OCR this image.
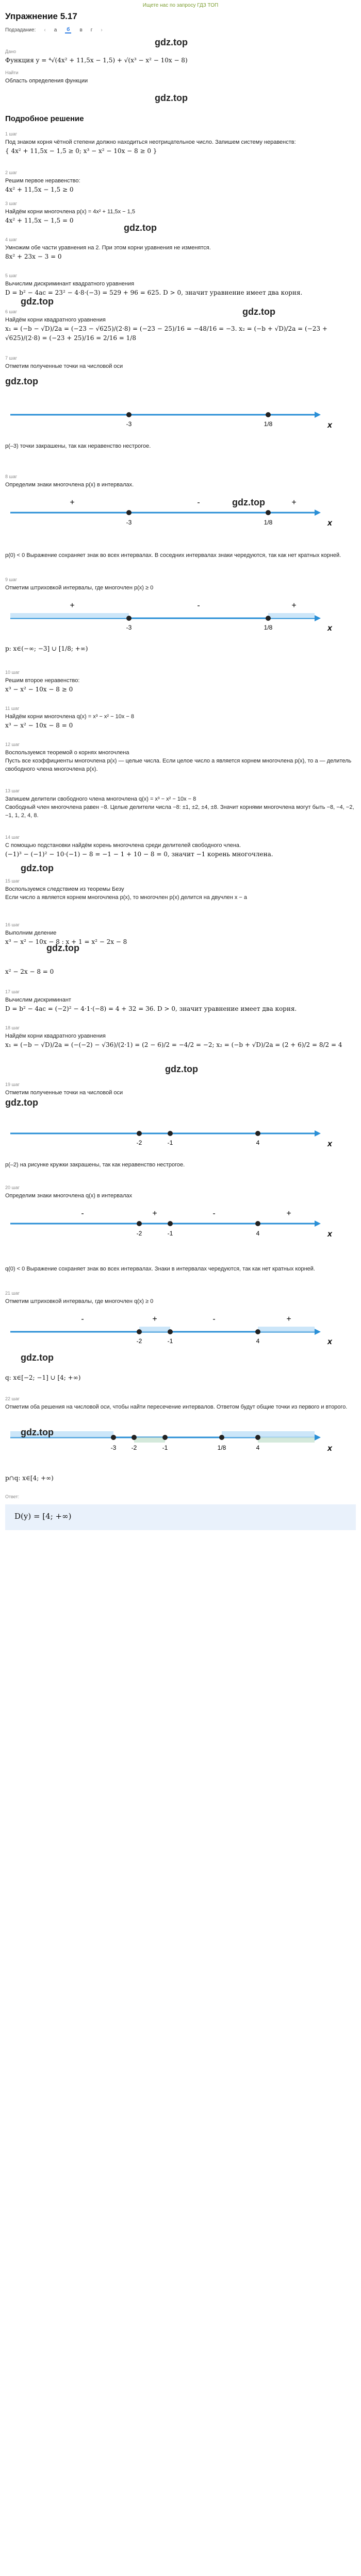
Ищете нас по запросу ГДЗ ТОП
Упражнение 5.17
Подзадание: ‹ a	б	в г ›
gdz.top
Дано
Функция y = ⁴√(4x² + 11,5x − 1,5) + √(x³ − x² − 10x − 8)
Найти
Область определения функции
gdz.top
Подробное решение
1 шаг
Под знаком корня чётной степени должно находиться неотрицательное число. Запишем систему неравенств:
{ 4x² + 11,5x − 1,5 ≥ 0; x³ − x² − 10x − 8 ≥ 0 }
2 шаг
Решим первое неравенство:
4x² + 11,5x − 1,5 ≥ 0
3 шаг
Найдём корни многочлена p(x) = 4x² + 11,5x − 1,5
4x² + 11,5x − 1,5 = 0
gdz.top
4 шаг
Умножим обе части уравнения на 2. При этом корни уравнения не изменятся.
8x² + 23x − 3 = 0
5 шаг
Вычислим дискриминант квадратного уравнения
D = b² − 4ac = 23² − 4·8·(−3) = 529 + 96 = 625. D > 0, значит уравнение имеет два корня.
gdz.top
6 шаг
Найдём корни квадратного уравнения
x₁ = (−b − √D)/2a = (−23 − √625)/(2·8) = (−23 − 25)/16 = −48/16 = −3. x₂ = (−b + √D)/2a = (−23 + √625)/(2·8) = (−23 + 25)/16 = 2/16 = 1/8
gdz.top
7 шаг
Отметим полученные точки на числовой оси
gdz.top
-3	1/8	x
p(–3) точки закрашены, так как неравенство нестрогое.
8 шаг
Определим знаки многочлена p(x) в интервалах.
+	-	+
-3	1/8	x
gdz.top
p(0) < 0 Выражение сохраняет знак во всех интервалах. В соседних интервалах знаки чередуются, так как нет кратных корней.
9 шаг
Отметим штриховкой интервалы, где многочлен p(x) ≥ 0
+	-	+
-3	1/8	x
p: x∈(−∞; −3] ∪ [1/8; +∞)
10 шаг
Решим второе неравенство:
x³ − x² − 10x − 8 ≥ 0
11 шаг
Найдём корни многочлена q(x) = x³ − x² − 10x − 8
x³ − x² − 10x − 8 = 0
12 шаг
Воспользуемся теоремой о корнях многочлена
Пусть все коэффициенты многочлена p(x) — целые числа. Если целое число a является корнем многочлена p(x), то a — делитель свободного члена многочлена p(x).
13 шаг
Запишем делители свободного члена многочлена q(x) = x³ − x² − 10x − 8
Свободный член многочлена равен −8. Целые делители числа −8: ±1, ±2, ±4, ±8. Значит корнями многочлена могут быть −8, −4, −2, −1, 1, 2, 4, 8.
14 шаг
С помощью подстановки найдём корень многочлена среди делителей свободного члена.
(−1)³ − (−1)² − 10·(−1) − 8 = −1 − 1 + 10 − 8 = 0, значит −1 корень многочлена.
gdz.top
15 шаг
Воспользуемся следствием из теоремы Безу
Если число a является корнем многочлена p(x), то многочлен p(x) делится на двучлен x − a
16 шаг
Выполним деление
x³ − x² − 10x − 8 : x + 1 = x² − 2x − 8
x² − 2x − 8 = 0
gdz.top
17 шаг
Вычислим дискриминант
D = b² − 4ac = (−2)² − 4·1·(−8) = 4 + 32 = 36. D > 0, значит уравнение имеет два корня.
18 шаг
Найдём корни квадратного уравнения
x₁ = (−b − √D)/2a = (−(−2) − √36)/(2·1) = (2 − 6)/2 = −4/2 = −2; x₂ = (−b + √D)/2a = (2 + 6)/2 = 8/2 = 4
gdz.top
19 шаг
Отметим полученные точки на числовой оси
gdz.top
-2	-1	4	x
p(–2) на рисунке кружки закрашены, так как неравенство нестрогое.
20 шаг
Определим знаки многочлена q(x) в интервалах
-	+	-	+
-2	-1	4	x
q(0) < 0 Выражение сохраняет знак во всех интервалах. Знаки в интервалах чередуются, так как нет кратных корней.
21 шаг
Отметим штриховкой интервалы, где многочлен q(x) ≥ 0
-	+	-	+
-2	-1	4	x
gdz.top
q: x∈[−2; −1] ∪ [4; +∞)
22 шаг
Отметим оба решения на числовой оси, чтобы найти пересечение интервалов. Ответом будут общие точки из первого и второго.
-3 -2	-1	1/8	4	x
gdz.top
p∩q: x∈[4; +∞)
Ответ:
D(y) = [4; +∞)
